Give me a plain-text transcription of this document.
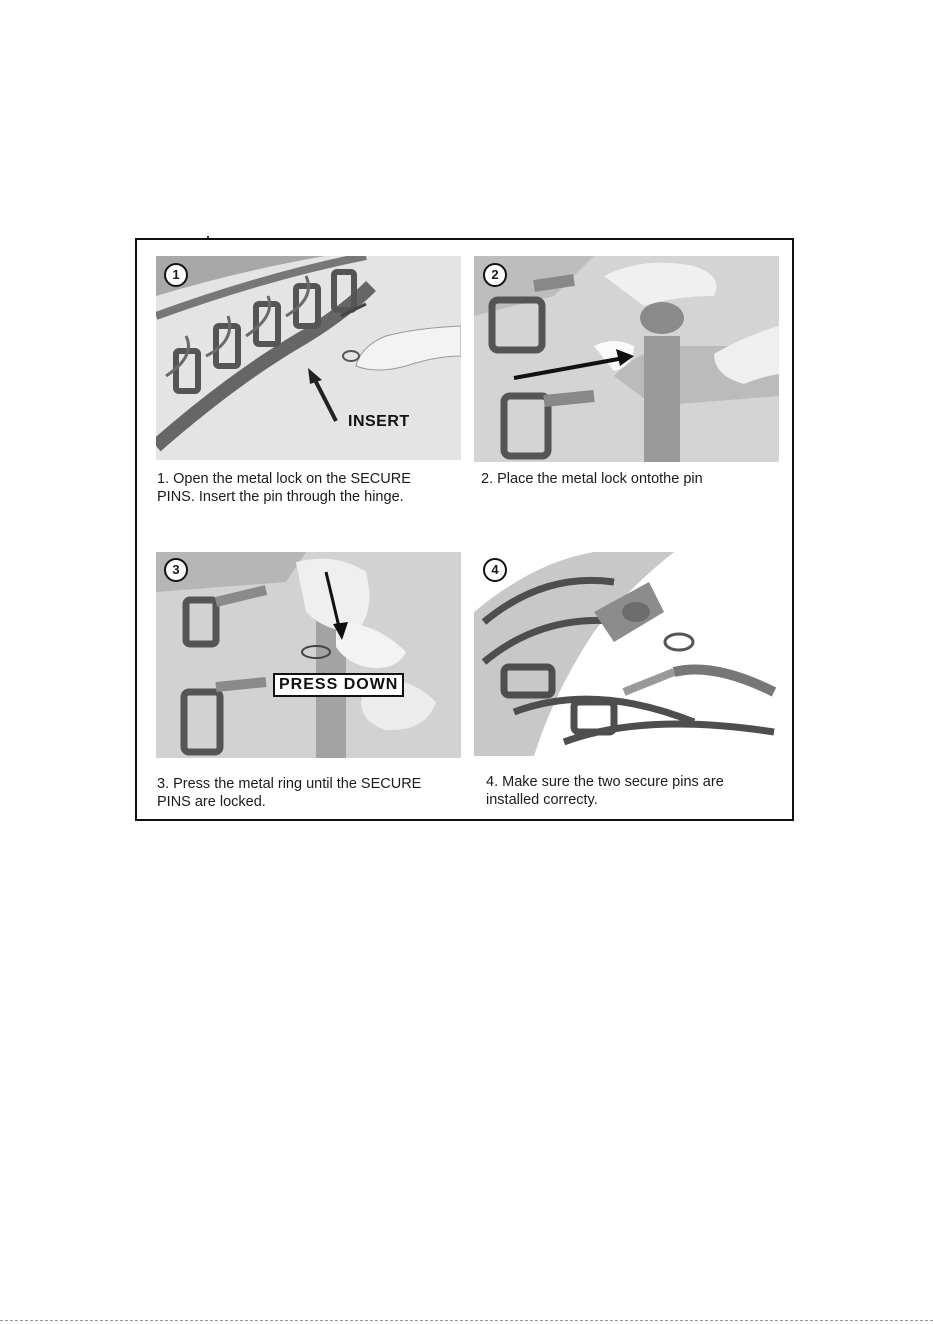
1
INSERT
1. Open the metal lock on the SECURE
PINS. Insert the pin through the hinge.
2
2. Place the metal lock ontothe pin
3
PRESS DOWN
3. Press the metal ring until the SECURE
PINS are locked.
4
4. Make sure the two secure pins are
installed correcty.
